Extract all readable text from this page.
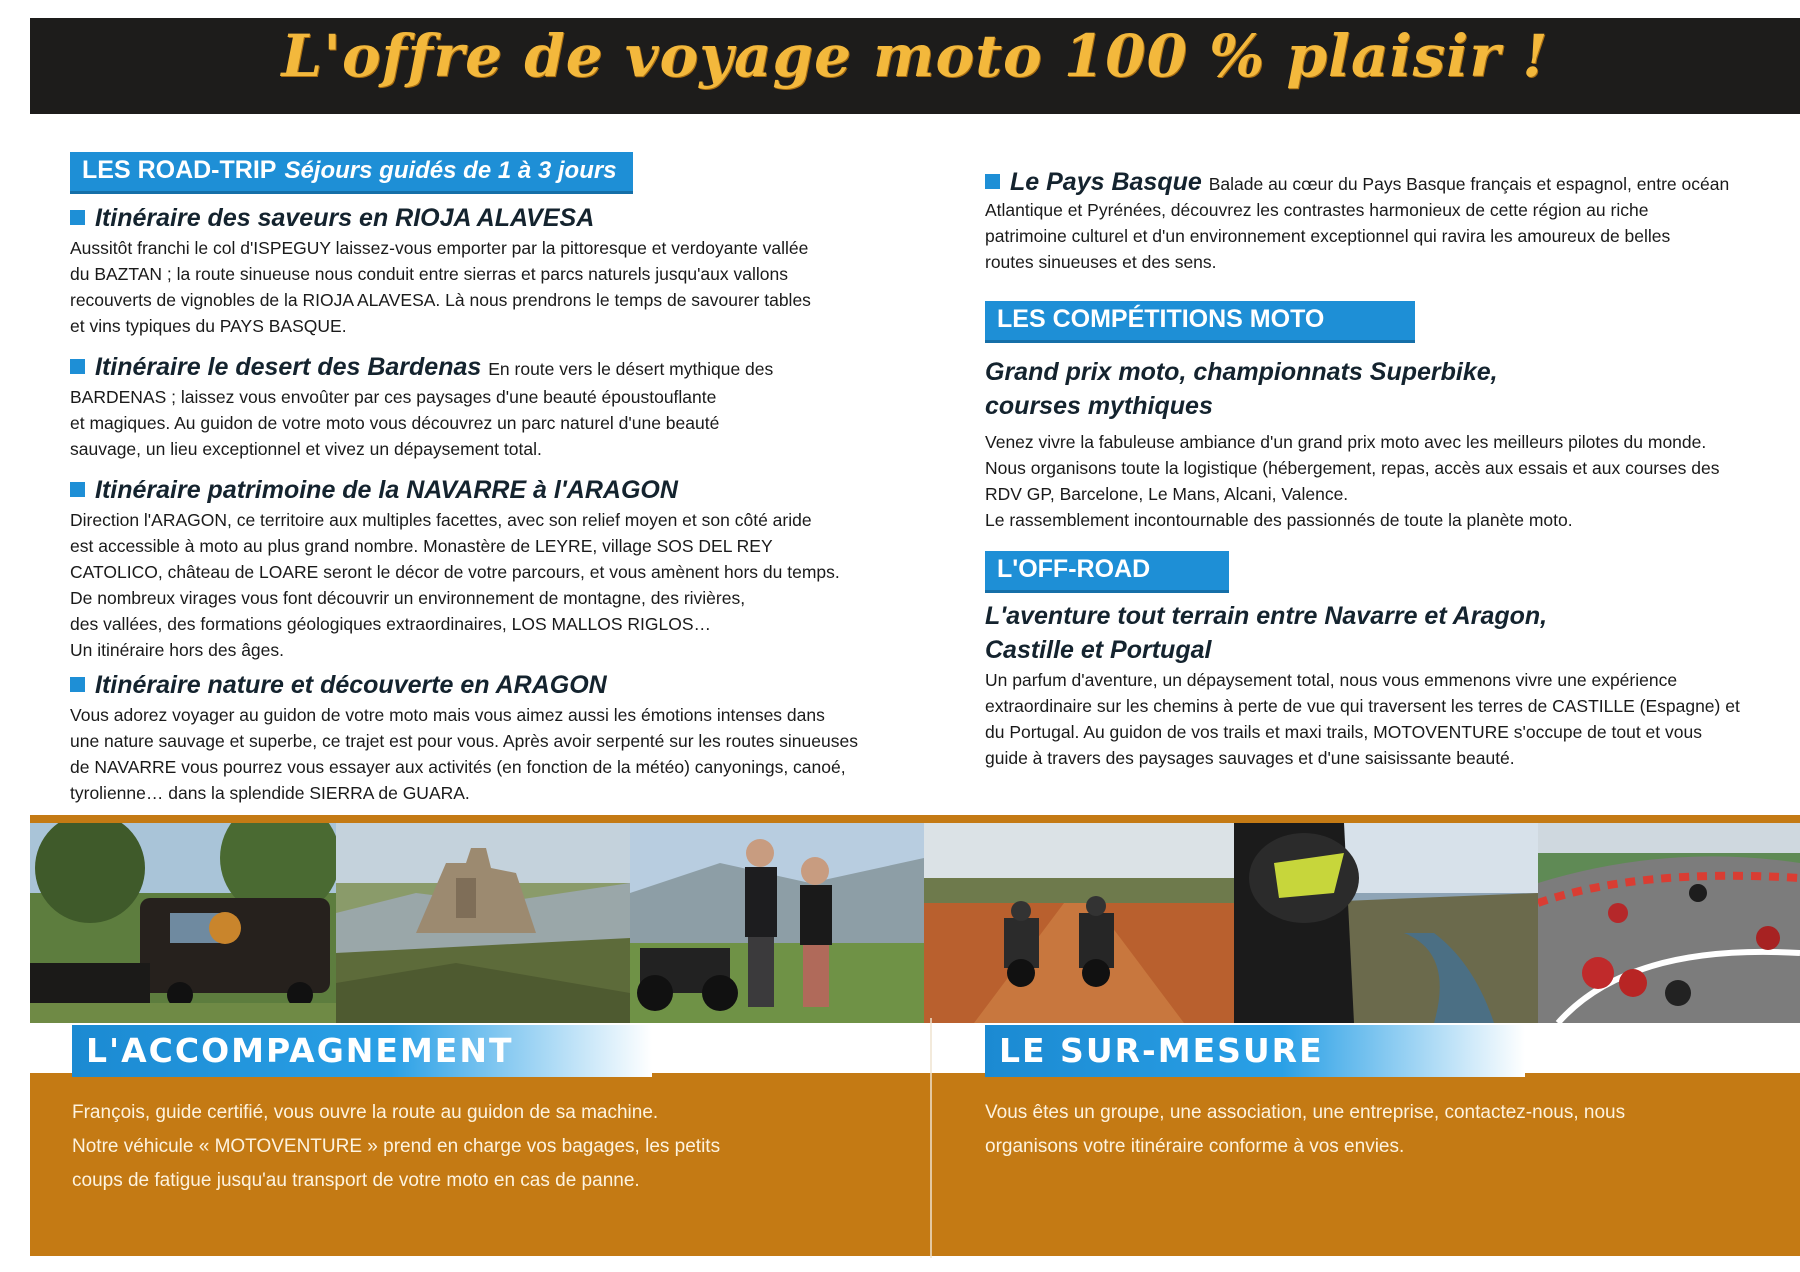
L'offre de voyage moto 100 % plaisir !
LES ROAD-TRIP Séjours guidés de 1 à 3 jours
Itinéraire des saveurs en RIOJA ALAVESA
Aussitôt franchi le col d'ISPEGUY laissez-vous emporter par la pittoresque et verdoyante vallée
du BAZTAN ; la route sinueuse nous conduit entre sierras et parcs naturels jusqu'aux vallons
recouverts de vignobles de la RIOJA ALAVESA. Là nous prendrons le temps de savourer tables
et vins typiques du PAYS BASQUE.
Itinéraire le desert des Bardenas En route vers le désert mythique des
BARDENAS ; laissez vous envoûter par ces paysages d'une beauté époustouflante
et magiques. Au guidon de votre moto vous découvrez un parc naturel d'une beauté
sauvage, un lieu exceptionnel et vivez un dépaysement total.
Itinéraire patrimoine de la NAVARRE à l'ARAGON
Direction l'ARAGON, ce territoire aux multiples facettes, avec son relief moyen et son côté aride
est accessible à moto au plus grand nombre. Monastère de LEYRE, village SOS DEL REY
CATOLICO, château de LOARE seront le décor de votre parcours, et vous amènent hors du temps.
De nombreux virages vous font découvrir un environnement de montagne, des rivières,
des vallées, des formations géologiques extraordinaires, LOS MALLOS RIGLOS…
Un itinéraire hors des âges.
Itinéraire nature et découverte en ARAGON
Vous adorez voyager au guidon de votre moto mais vous aimez aussi les émotions intenses dans
une nature sauvage et superbe, ce trajet est pour vous. Après avoir serpenté sur les routes sinueuses
de NAVARRE vous pourrez vous essayer aux activités (en fonction de la météo) canyonings, canoé,
tyrolienne… dans la splendide SIERRA de GUARA.
Le Pays Basque Balade au cœur du Pays Basque français et espagnol, entre océan
Atlantique et Pyrénées, découvrez les contrastes harmonieux de cette région au riche
patrimoine culturel et d'un environnement exceptionnel qui ravira les amoureux de belles
routes sinueuses et des sens.
LES COMPÉTITIONS MOTO
Grand prix moto, championnats Superbike,
courses mythiques
Venez vivre la fabuleuse ambiance d'un grand prix moto avec les meilleurs pilotes du monde.
Nous organisons toute la logistique (hébergement, repas, accès aux essais et aux courses des
RDV GP, Barcelone, Le Mans, Alcani, Valence.
Le rassemblement incontournable des passionnés de toute la planète moto.
L'OFF-ROAD
L'aventure tout terrain entre Navarre et Aragon,
Castille et Portugal
Un parfum d'aventure, un dépaysement total, nous vous emmenons vivre une expérience
extraordinaire sur les chemins à perte de vue qui traversent les terres de CASTILLE (Espagne) et
du Portugal. Au guidon de vos trails et maxi trails, MOTOVENTURE s'occupe de tout et vous
guide à travers des paysages sauvages et d'une saisissante beauté.
L'ACCOMPAGNEMENT	LE SUR-MESURE
François, guide certifié, vous ouvre la route au guidon de sa machine.
Notre véhicule « MOTOVENTURE » prend en charge vos bagages, les petits
coups de fatigue jusqu'au transport de votre moto en cas de panne.
Vous êtes un groupe, une association, une entreprise, contactez-nous, nous
organisons votre itinéraire conforme à vos envies.
